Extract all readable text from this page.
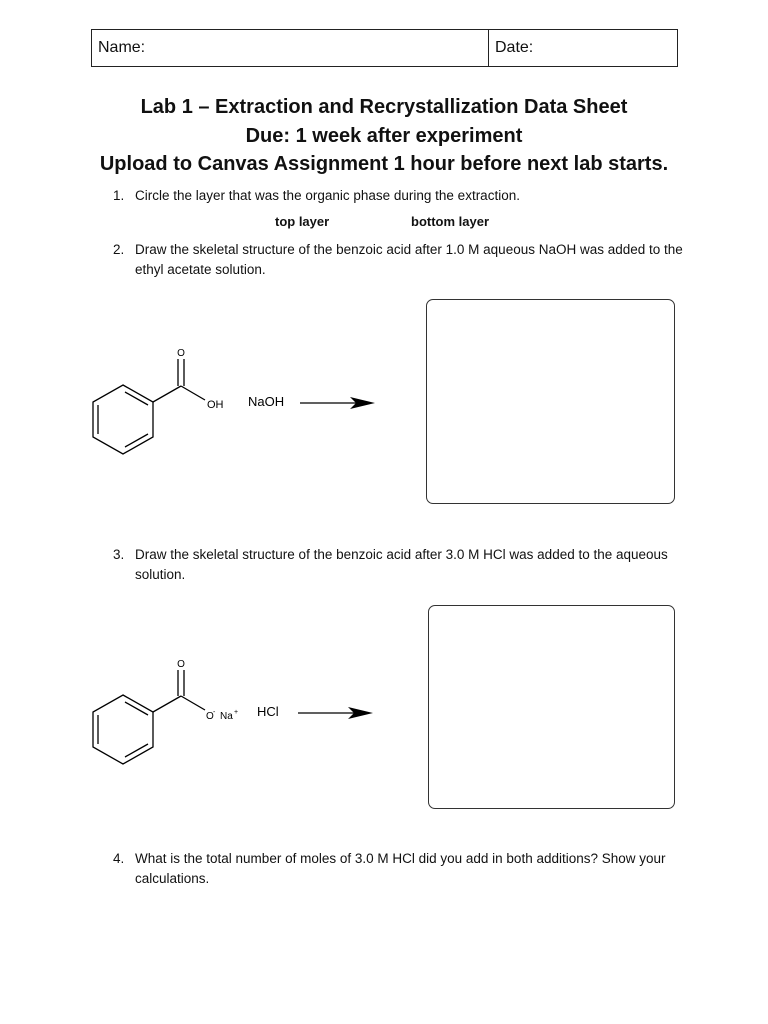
Name:	Date:
Lab 1 – Extraction and Recrystallization Data Sheet
Due: 1 week after experiment
Upload to Canvas Assignment 1 hour before next lab starts.
1. Circle the layer that was the organic phase during the extraction.
top layer	bottom layer
2. Draw the skeletal structure of the benzoic acid after 1.0 M aqueous NaOH was added to the ethyl acetate solution.
O
OH NaOH
3. Draw the skeletal structure of the benzoic acid after 3.0 M HCl was added to the aqueous solution.
O
O - Na + HCl
4. What is the total number of moles of 3.0 M HCl did you add in both additions? Show your calculations.
